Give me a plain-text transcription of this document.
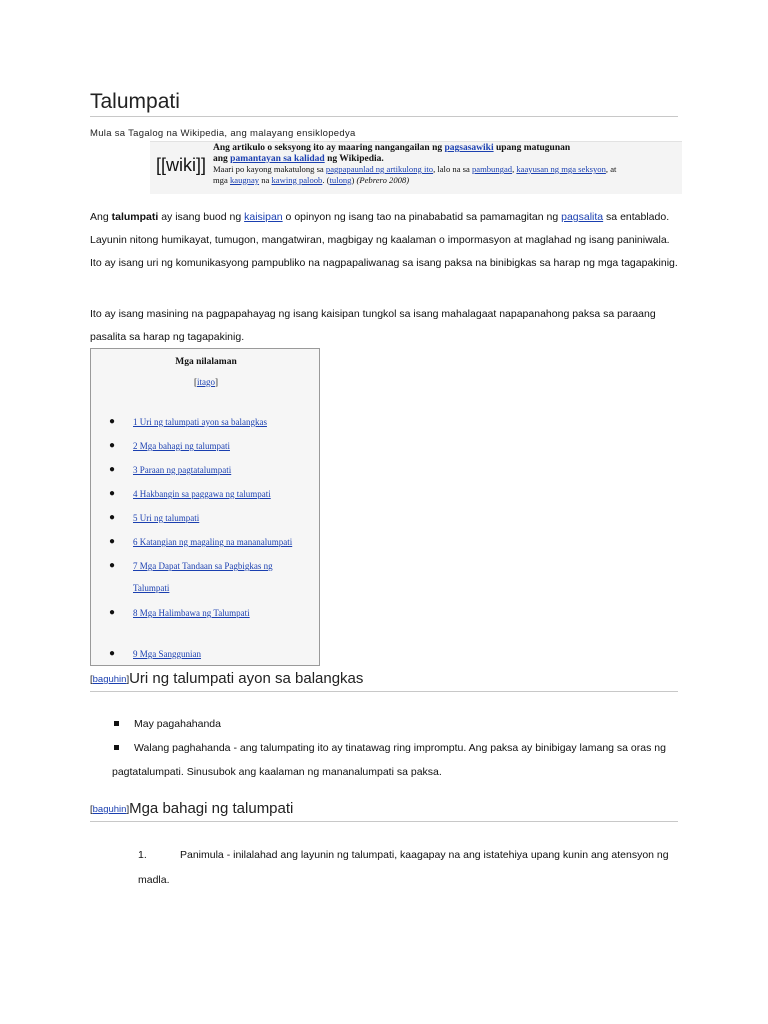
Talumpati
Mula sa Tagalog na Wikipedia, ang malayang ensiklopedya
[[wiki]]
Ang artikulo o seksyong ito ay maaring nangangailan ng pagsasawiki upang matugunan
ang pamantayan sa kalidad ng Wikipedia.
Maari po kayong makatulong sa pagpapaunlad ng artikulong ito, lalo na sa pambungad, kaayusan ng mga seksyon, at
mga kaugnay na kawing paloob. (tulong) (Pebrero 2008)
Ang talumpati ay isang buod ng kaisipan o opinyon ng isang tao na pinababatid sa pamamagitan ng pagsalita sa entablado. Layunin nitong humikayat, tumugon, mangatwiran, magbigay ng kaalaman o impormasyon at maglahad ng isang paniniwala. Ito ay isang uri ng komunikasyong pampubliko na nagpapaliwanag sa isang paksa na binibigkas sa harap ng mga tagapakinig.
Ito ay isang masining na pagpapahayag ng isang kaisipan tungkol sa isang mahalagaat napapanahong paksa sa paraang pasalita sa harap ng tagapakinig.
Mga nilalaman
[itago]
● 1 Uri ng talumpati ayon sa balangkas
● 2 Mga bahagi ng talumpati
● 3 Paraan ng pagtatalumpati
● 4 Hakbangin sa paggawa ng talumpati
● 5 Uri ng talumpati
● 6 Katangian ng magaling na mananalumpati
● 7 Mga Dapat Tandaan sa Pagbigkas ng Talumpati
● 8 Mga Halimbawa ng Talumpati
● 9 Mga Sanggunian
[baguhin]Uri ng talumpati ayon sa balangkas
May pagahahanda
Walang paghahanda - ang talumpating ito ay tinatawag ring impromptu. Ang paksa ay binibigay lamang sa oras ng pagtatalumpati. Sinusubok ang kaalaman ng mananalumpati sa paksa.
[baguhin]Mga bahagi ng talumpati
1.	Panimula - inilalahad ang layunin ng talumpati, kaagapay na ang istatehiya upang kunin ang atensyon ng madla.
